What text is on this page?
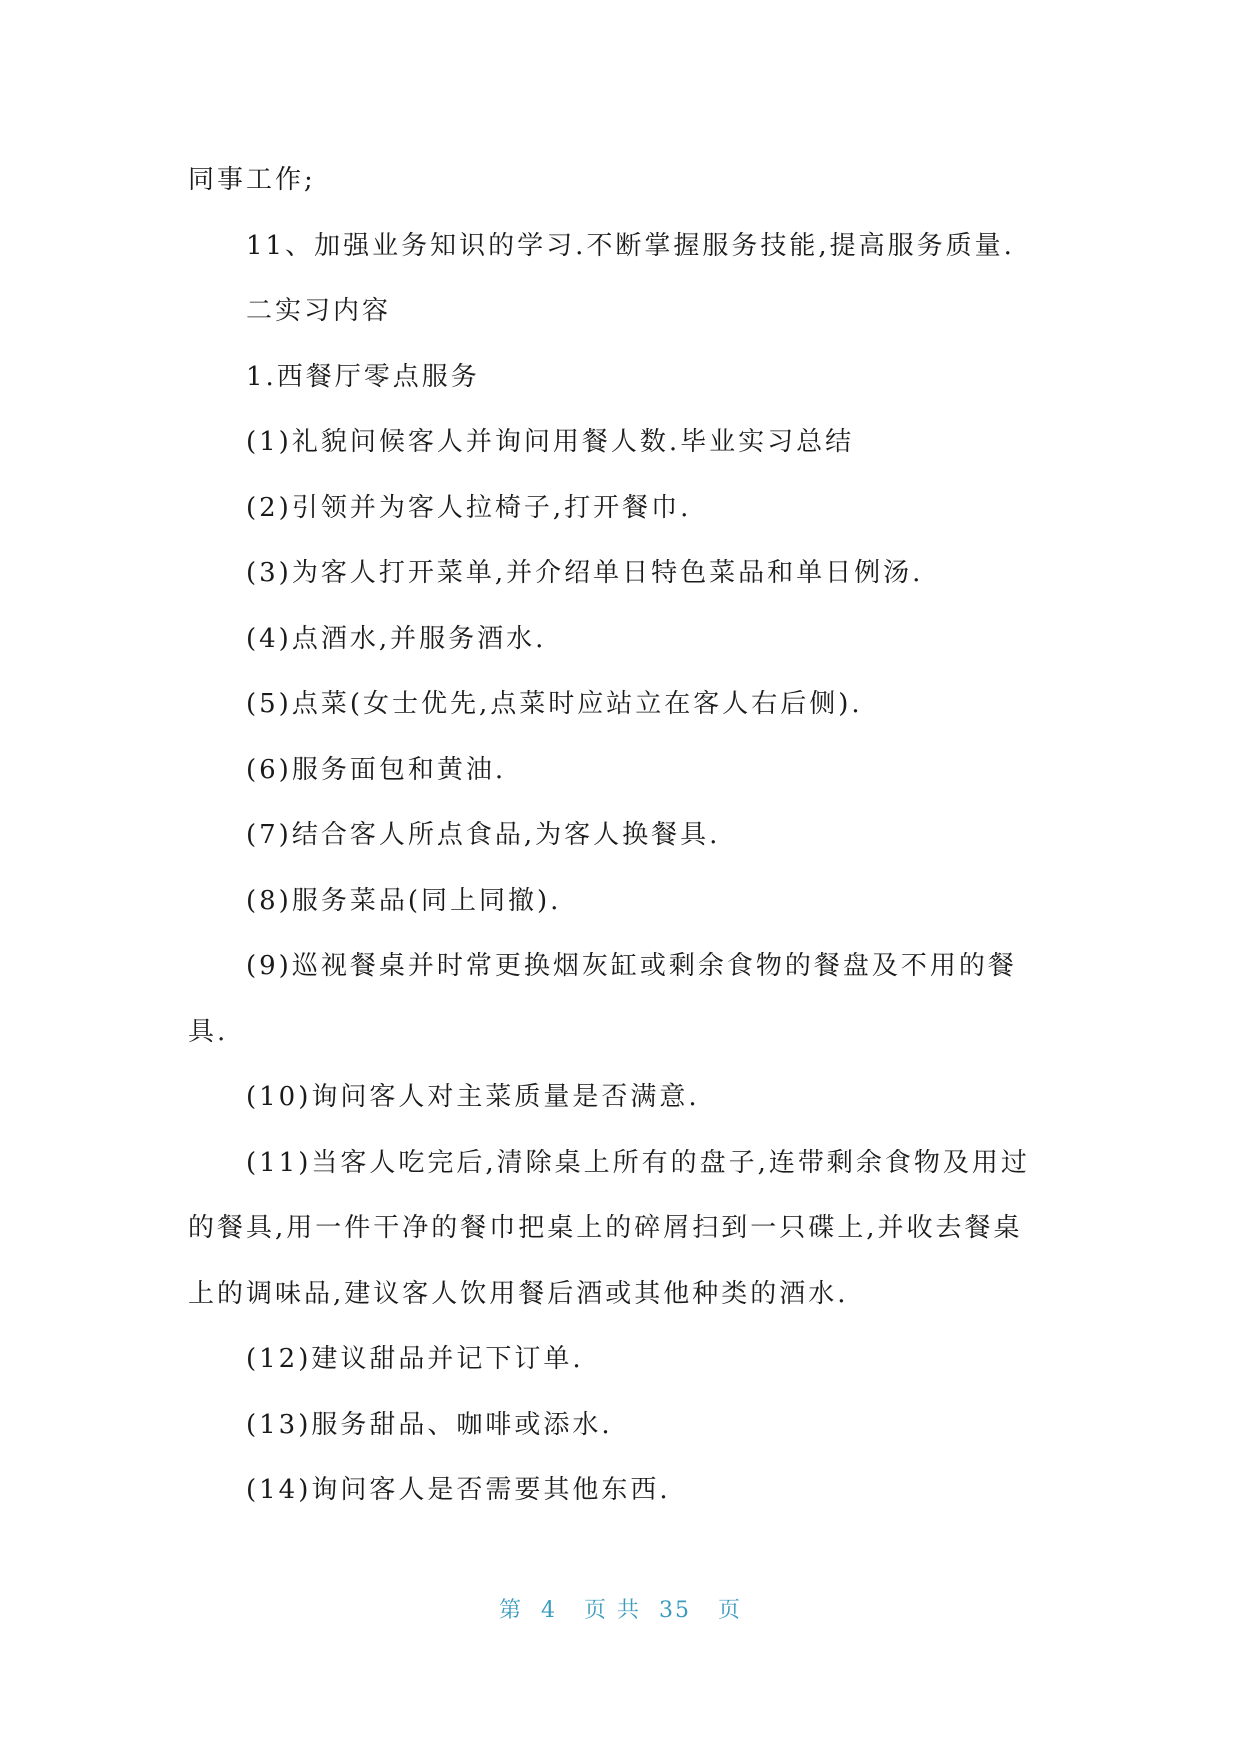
同事工作;
11、加强业务知识的学习.不断掌握服务技能,提高服务质量.
二实习内容
1.西餐厅零点服务
(1)礼貌问候客人并询问用餐人数.毕业实习总结
(2)引领并为客人拉椅子,打开餐巾.
(3)为客人打开菜单,并介绍单日特色菜品和单日例汤.
(4)点酒水,并服务酒水.
(5)点菜(女士优先,点菜时应站立在客人右后侧).
(6)服务面包和黄油.
(7)结合客人所点食品,为客人换餐具.
(8)服务菜品(同上同撤).
(9)巡视餐桌并时常更换烟灰缸或剩余食物的餐盘及不用的餐
具.
(10)询问客人对主菜质量是否满意.
(11)当客人吃完后,清除桌上所有的盘子,连带剩余食物及用过
的餐具,用一件干净的餐巾把桌上的碎屑扫到一只碟上,并收去餐桌
上的调味品,建议客人饮用餐后酒或其他种类的酒水.
(12)建议甜品并记下订单.
(13)服务甜品、咖啡或添水.
(14)询问客人是否需要其他东西.
第  4   页 共  35   页
